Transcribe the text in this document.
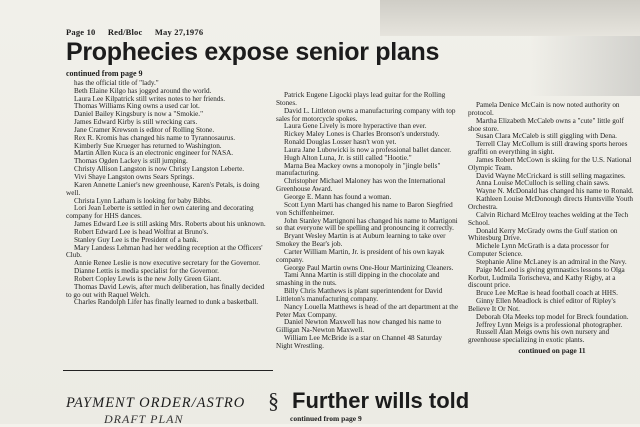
Page 10 Red/Bloc May 27,1976
Prophecies expose senior plans

continued from page 9

has the official title of "lady."

Beth Elaine Kilgo has jogged around the world.

Laura Lee Kilpatrick still writes notes to her friends.

Thomas Williams King owns a used car lot.

Daniel Bailey Kingsbury is now a "Smokie."

James Edward Kirby is still wrecking cars.

Jane Cramer Krewson is editor of Rolling Stone.

Rex R. Kromis has changed his name to Tyrannosaurus.

Kimberly Sue Krueger has returned to Washington.

Martin Allen Kuca is an electronic engineer for NASA.

Thomas Ogden Lackey is still jumping.

Christy Allison Langston is now Christy Langston Leberte.

Vivi Shaye Langston owns Sears Springs.

Karen Annette Lanier's new greenhouse, Karen's Petals, is doing well.

Christa Lynn Latham is looking for baby Bibbs.

Lori Jean Leberte is settled in her own catering and decorating company for HHS dances.

James Edward Lee is still asking Mrs. Roberts about his unknown.

Robert Edward Lee is head Wolfrat at Bruno's.

Stanley Guy Lee is the President of a bank.

Mary Landess Lehman had her wedding reception at the Officers' Club.

Annie Renee Leslie is now executive secretary for the Governor.

Dianne Lettis is media specialist for the Governor.

Robert Copley Lewis is the new Jolly Green Giant.

Thomas David Lewis, after much deliberation, has finally decided to go out with Raquel Welch.

Charles Randolph Lifer has finally learned to dunk a basketball.

Patrick Eugene Ligocki plays lead guitar for the Rolling Stones.

David L. Littleton owns a manufacturing company with top sales for motorcycle spokes.

Laura Gene Lively is more hyperactive than ever.

Rickey Maley Lones is Charles Bronson's understudy.

Ronald Douglas Losser hasn't won yet.

Laura Jane Lubowicki is now a professional ballet dancer.

Hugh Alton Luna, Jr. is still called "Hootie."

Marna Bea Mackey owns a monopoly in "jingle bells" manufacturing.

Christopher Michael Maloney has won the International Greenhouse Award.

George E. Mann has found a woman.

Scott Lynn Marti has changed his name to Baron Siegfried von Schiffenheimer.

John Stanley Martignoni has changed his name to Martigoni so that everyone will be spelling and pronouncing it correctly.

Bryant Wesley Martin is at Auburn learning to take over Smokey the Bear's job.

Carter William Martin, Jr. is president of his own kayak company.

George Paul Martin owns One-Hour Martinizing Cleaners.

Tami Anna Martin is still dipping in the chocolate and smashing in the nuts.

Billy Chris Matthews is plant superintendent for David Littleton's manufacturing company.

Nancy Louella Matthews is head of the art department at the Peter Max Company.

Daniel Newton Maxwell has now changed his name to Gilligan Na-Newton Maxwell.

William Lee McBride is a star on Channel 48 Saturday Night Wrestling.

Pamela Denice McCain is now noted authority on protocol.

Martha Elizabeth McCaleb owns a "cute" little golf shoe store.

Susan Clara McCaleb is still giggling with Dena.

Terrell Clay McCollum is still drawing sports heroes graffiti on everything in sight.

James Robert McCown is skiing for the U.S. National Olympic Team.

David Wayne McCrickard is still selling magazines.

Anna Louise McCulloch is selling chain saws.

Wayne N. McDonald has changed his name to Ronald.

Kathleen Louise McDonough directs Huntsville Youth Orchestra.

Calvin Richard McElroy teaches welding at the Tech School.

Donald Kerry McGrady owns the Gulf station on Whitesburg Drive.

Michele Lynn McGrath is a data processor for Computer Science.

Stephanie Aline McLaney is an admiral in the Navy.

Paige McLeod is giving gymnastics lessons to Olga Korbut, Ludmila Torischeva, and Kathy Rigby, at a discount price.

Bruce Lee McRae is head football coach at HHS.

Ginny Ellen Meadlock is chief editor of Ripley's Believe It Or Not.

Deborah Ola Meeks top model for Breck foundation.

Jeffrey Lynn Meigs is a professional photographer.

Russell Alan Meigs owns his own nursery and greenhouse specializing in exotic plants.

continued on page 11

PAYMENT ORDER/ASTRO
DRAFT PLAN
§ Further wills told
continued from page 9
